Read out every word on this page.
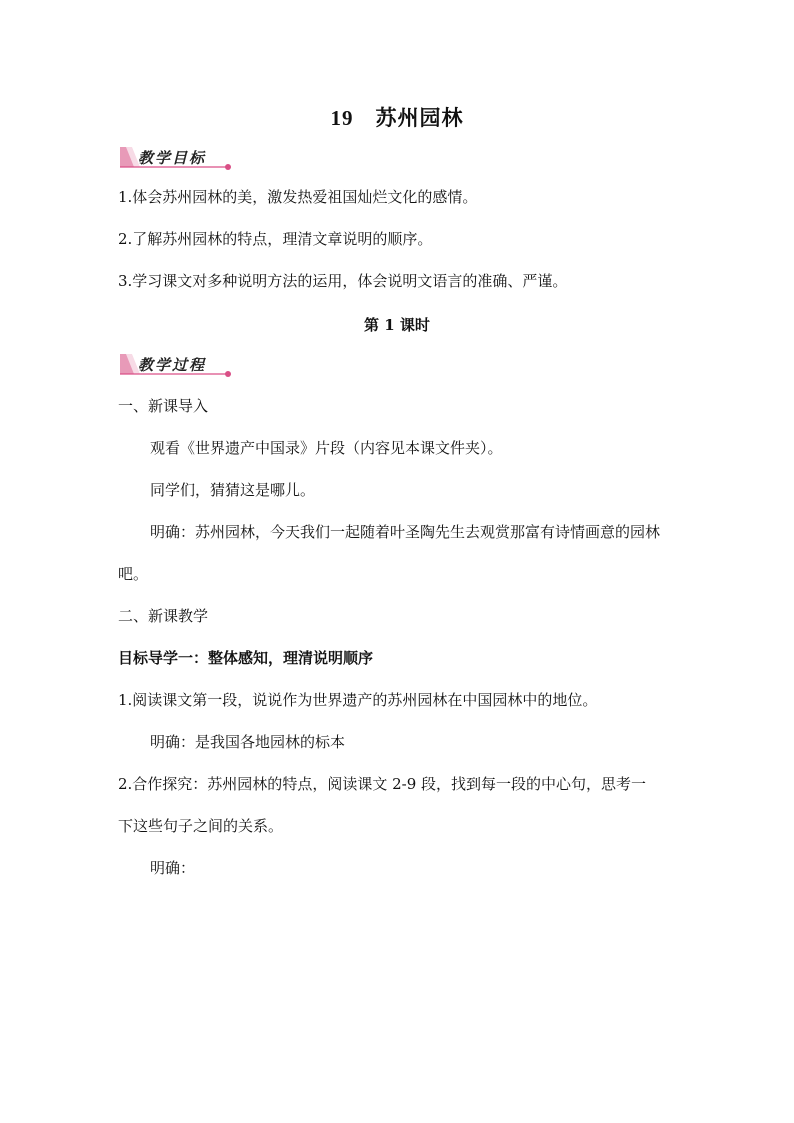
19 苏州园林
教学目标
1.体会苏州园林的美，激发热爱祖国灿烂文化的感情。
2.了解苏州园林的特点，理清文章说明的顺序。
3.学习课文对多种说明方法的运用，体会说明文语言的准确、严谨。
第 1 课时
教学过程
一、新课导入
观看《世界遗产中国录》片段（内容见本课文件夹）。
同学们，猜猜这是哪儿。
明确：苏州园林，今天我们一起随着叶圣陶先生去观赏那富有诗情画意的园林
吧。
二、新课教学
目标导学一：整体感知，理清说明顺序
1.阅读课文第一段，说说作为世界遗产的苏州园林在中国园林中的地位。
明确：是我国各地园林的标本
2.合作探究：苏州园林的特点，阅读课文 2-9 段，找到每一段的中心句，思考一
下这些句子之间的关系。
明确：
